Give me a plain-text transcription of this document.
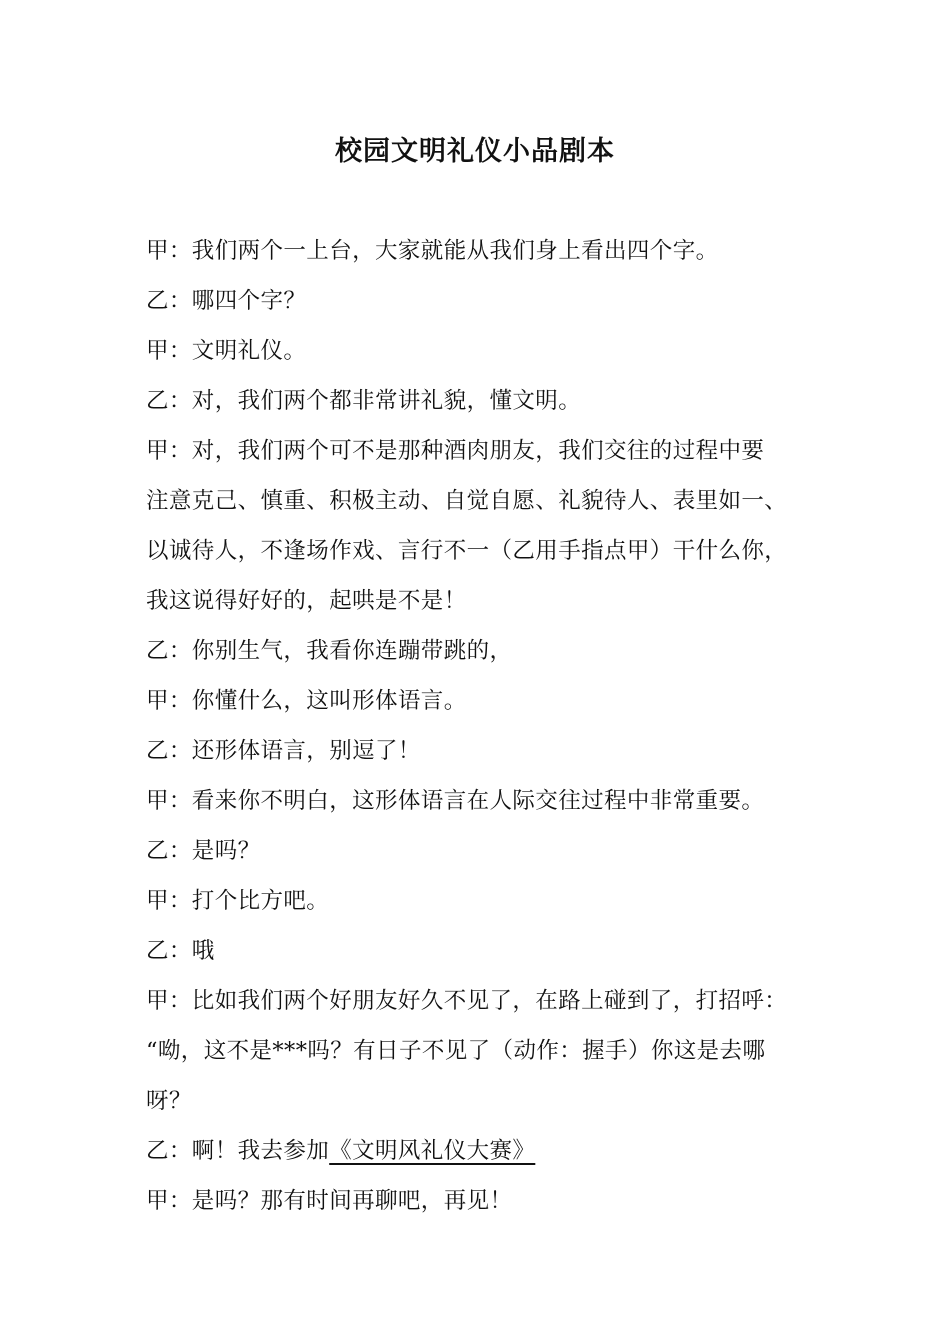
校园文明礼仪小品剧本
甲：我们两个一上台，大家就能从我们身上看出四个字。
乙：哪四个字？
甲：文明礼仪。
乙：对，我们两个都非常讲礼貌，懂文明。
甲：对，我们两个可不是那种酒肉朋友，我们交往的过程中要
注意克己、慎重、积极主动、自觉自愿、礼貌待人、表里如一、
以诚待人，不逢场作戏、言行不一（乙用手指点甲）干什么你，
我这说得好好的，起哄是不是！
乙：你别生气，我看你连蹦带跳的，
甲：你懂什么，这叫形体语言。
乙：还形体语言，别逗了！
甲：看来你不明白，这形体语言在人际交往过程中非常重要。
乙：是吗？
甲：打个比方吧。
乙：哦
甲：比如我们两个好朋友好久不见了，在路上碰到了，打招呼：
“呦，这不是***吗？有日子不见了（动作：握手）你这是去哪
呀？
乙：啊！我去参加《文明风礼仪大赛》
甲：是吗？那有时间再聊吧，再见！
